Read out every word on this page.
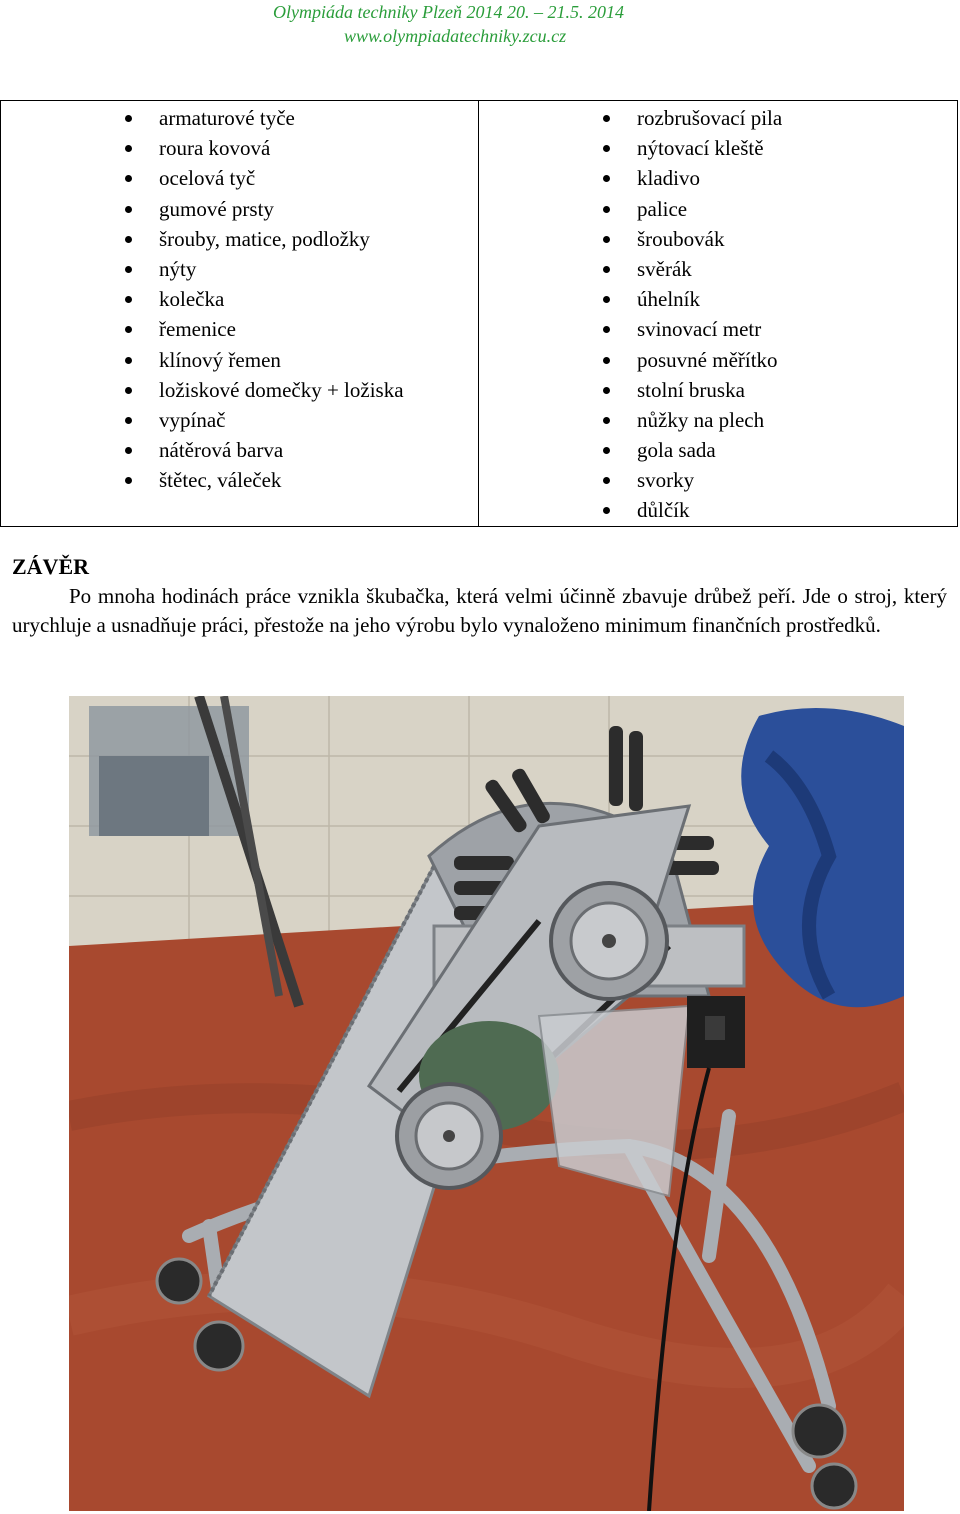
Olympiáda techniky Plzeň 2014 20. – 21.5. 2014
www.olympiadatechniky.zcu.cz
armaturové tyče
roura kovová
ocelová tyč
gumové prsty
šrouby, matice, podložky
nýty
kolečka
řemenice
klínový řemen
ložiskové domečky + ložiska
vypínač
nátěrová barva
štětec, váleček

rozbrušovací pila
nýtovací kleště
kladivo
palice
šroubovák
svěrák
úhelník
svinovací metr
posuvné měřítko
stolní bruska
nůžky na plech
gola sada
svorky
důlčík
ZÁVĚR

Po mnoha hodinách práce vznikla škubačka, která velmi účinně zbavuje drůbež peří. Jde o stroj, který urychluje a usnadňuje práci, přestože na jeho výrobu bylo vynaloženo minimum finančních prostředků.
